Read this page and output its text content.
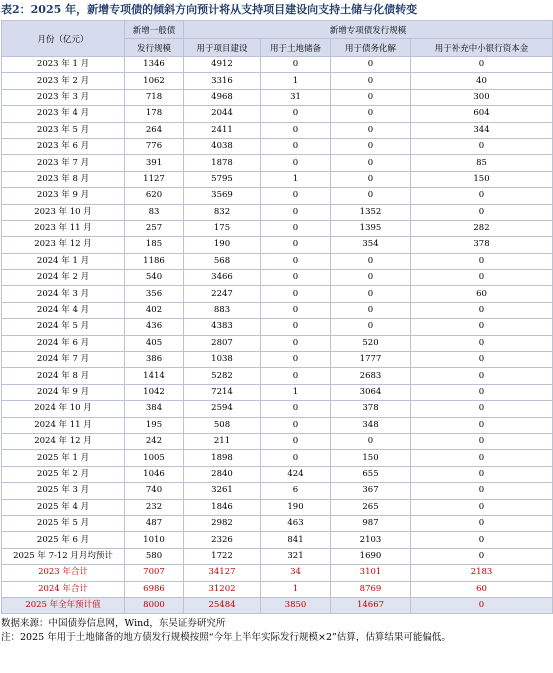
表2：2025 年，新增专项债的倾斜方向预计将从支持项目建设向支持土储与化债转变
月份（亿元）	新增一般债	新增专项债发行规模			
	发行规模	用于项目建设	用于土地储备	用于债务化解	用于补充中小银行资本金
2023 年 1 月	1346	4912	0	0	0
2023 年 2 月	1062	3316	1	0	40
2023 年 3 月	718	4968	31	0	300
2023 年 4 月	178	2044	0	0	604
2023 年 5 月	264	2411	0	0	344
2023 年 6 月	776	4038	0	0	0
2023 年 7 月	391	1878	0	0	85
2023 年 8 月	1127	5795	1	0	150
2023 年 9 月	620	3569	0	0	0
2023 年 10 月	83	832	0	1352	0
2023 年 11 月	257	175	0	1395	282
2023 年 12 月	185	190	0	354	378
2024 年 1 月	1186	568	0	0	0
2024 年 2 月	540	3466	0	0	0
2024 年 3 月	356	2247	0	0	60
2024 年 4 月	402	883	0	0	0
2024 年 5 月	436	4383	0	0	0
2024 年 6 月	405	2807	0	520	0
2024 年 7 月	386	1038	0	1777	0
2024 年 8 月	1414	5282	0	2683	0
2024 年 9 月	1042	7214	1	3064	0
2024 年 10 月	384	2594	0	378	0
2024 年 11 月	195	508	0	348	0
2024 年 12 月	242	211	0	0	0
2025 年 1 月	1005	1898	0	150	0
2025 年 2 月	1046	2840	424	655	0
2025 年 3 月	740	3261	6	367	0
2025 年 4 月	232	1846	190	265	0
2025 年 5 月	487	2982	463	987	0
2025 年 6 月	1010	2326	841	2103	0
2025 年 7-12 月月均预计	580	1722	321	1690	0
2023 年合计	7007	34127	34	3101	2183
2024 年合计	6986	31202	1	8769	60
2025 年全年预计值	8000	25484	3850	14667	0
数据来源：中国债券信息网，Wind，东吴证券研究所
注：2025 年用于土地储备的地方债发行规模按照“今年上半年实际发行规模×2”估算，估算结果可能偏低。
